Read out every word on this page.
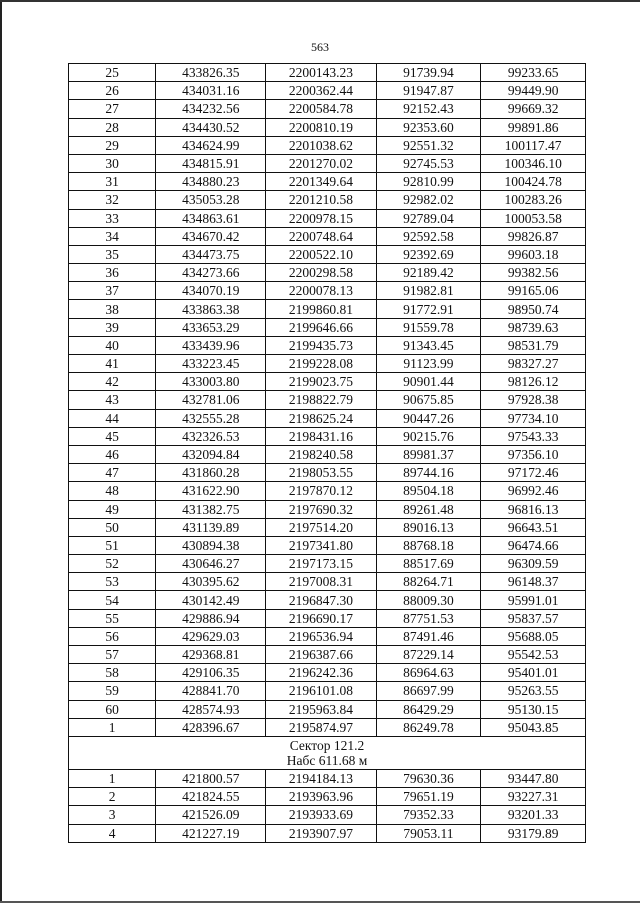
563
25	433826.35	2200143.23	91739.94	99233.65
26	434031.16	2200362.44	91947.87	99449.90
27	434232.56	2200584.78	92152.43	99669.32
28	434430.52	2200810.19	92353.60	99891.86
29	434624.99	2201038.62	92551.32	100117.47
30	434815.91	2201270.02	92745.53	100346.10
31	434880.23	2201349.64	92810.99	100424.78
32	435053.28	2201210.58	92982.02	100283.26
33	434863.61	2200978.15	92789.04	100053.58
34	434670.42	2200748.64	92592.58	99826.87
35	434473.75	2200522.10	92392.69	99603.18
36	434273.66	2200298.58	92189.42	99382.56
37	434070.19	2200078.13	91982.81	99165.06
38	433863.38	2199860.81	91772.91	98950.74
39	433653.29	2199646.66	91559.78	98739.63
40	433439.96	2199435.73	91343.45	98531.79
41	433223.45	2199228.08	91123.99	98327.27
42	433003.80	2199023.75	90901.44	98126.12
43	432781.06	2198822.79	90675.85	97928.38
44	432555.28	2198625.24	90447.26	97734.10
45	432326.53	2198431.16	90215.76	97543.33
46	432094.84	2198240.58	89981.37	97356.10
47	431860.28	2198053.55	89744.16	97172.46
48	431622.90	2197870.12	89504.18	96992.46
49	431382.75	2197690.32	89261.48	96816.13
50	431139.89	2197514.20	89016.13	96643.51
51	430894.38	2197341.80	88768.18	96474.66
52	430646.27	2197173.15	88517.69	96309.59
53	430395.62	2197008.31	88264.71	96148.37
54	430142.49	2196847.30	88009.30	95991.01
55	429886.94	2196690.17	87751.53	95837.57
56	429629.03	2196536.94	87491.46	95688.05
57	429368.81	2196387.66	87229.14	95542.53
58	429106.35	2196242.36	86964.63	95401.01
59	428841.70	2196101.08	86697.99	95263.55
60	428574.93	2195963.84	86429.29	95130.15
1	428396.67	2195874.97	86249.78	95043.85

Сектор 121.2
Набс 611.68 м				

1	421800.57	2194184.13	79630.36	93447.80
2	421824.55	2193963.96	79651.19	93227.31
3	421526.09	2193933.69	79352.33	93201.33
4	421227.19	2193907.97	79053.11	93179.89
